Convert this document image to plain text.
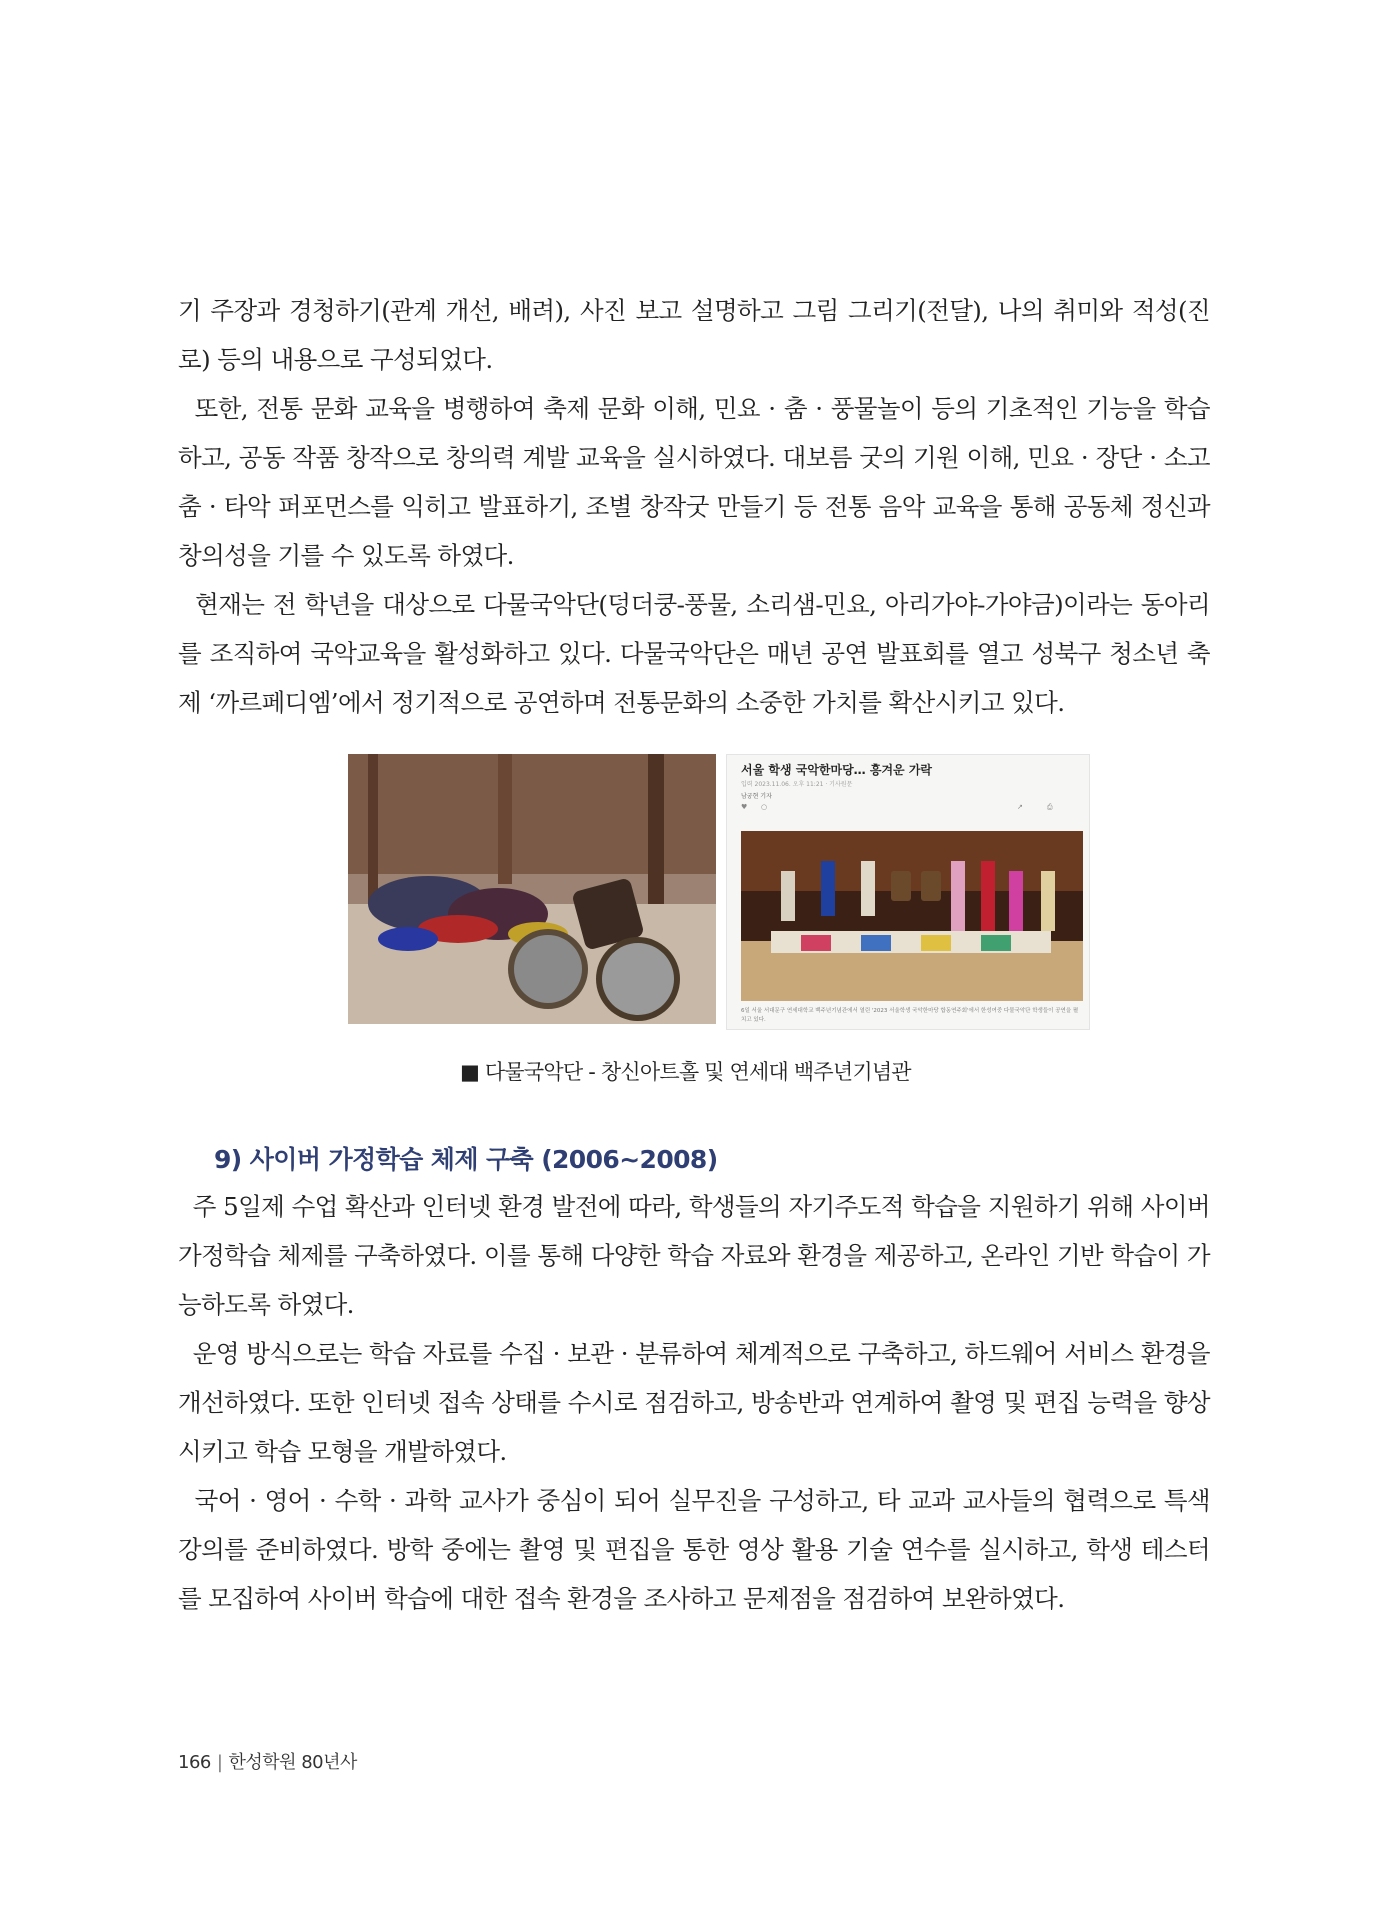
기 주장과 경청하기(관계 개선, 배려), 사진 보고 설명하고 그림 그리기(전달), 나의 취미와 적성(진로) 등의 내용으로 구성되었다.

또한, 전통 문화 교육을 병행하여 축제 문화 이해, 민요 · 춤 · 풍물놀이 등의 기초적인 기능을 학습하고, 공동 작품 창작으로 창의력 계발 교육을 실시하였다. 대보름 굿의 기원 이해, 민요 · 장단 · 소고춤 · 타악 퍼포먼스를 익히고 발표하기, 조별 창작굿 만들기 등 전통 음악 교육을 통해 공동체 정신과 창의성을 기를 수 있도록 하였다.

현재는 전 학년을 대상으로 다물국악단(덩더쿵-풍물, 소리샘-민요, 아리가야-가야금)이라는 동아리를 조직하여 국악교육을 활성화하고 있다. 다물국악단은 매년 공연 발표회를 열고 성북구 청소년 축제 ‘까르페디엠’에서 정기적으로 공연하며 전통문화의 소중한 가치를 확산시키고 있다.

서울 학생 국악한마당… 흥겨운 가락
입력 2023.11.06. 오후 11:21 · 기사원문
남궁현 기자
♥ ○	↗	⎙
6일 서울 서대문구 연세대학교 백주년기념관에서 열린 '2023 서울학생 국악한마당 합동연주회'에서 한성여중 다물국악단 학생들이 공연을 펼치고 있다.
■ 다물국악단 - 창신아트홀 및 연세대 백주년기념관
9) 사이버 가정학습 체제 구축 (2006~2008)

주 5일제 수업 확산과 인터넷 환경 발전에 따라, 학생들의 자기주도적 학습을 지원하기 위해 사이버 가정학습 체제를 구축하였다. 이를 통해 다양한 학습 자료와 환경을 제공하고, 온라인 기반 학습이 가능하도록 하였다.

운영 방식으로는 학습 자료를 수집 · 보관 · 분류하여 체계적으로 구축하고, 하드웨어 서비스 환경을 개선하였다. 또한 인터넷 접속 상태를 수시로 점검하고, 방송반과 연계하여 촬영 및 편집 능력을 향상시키고 학습 모형을 개발하였다.

국어 · 영어 · 수학 · 과학 교사가 중심이 되어 실무진을 구성하고, 타 교과 교사들의 협력으로 특색 강의를 준비하였다. 방학 중에는 촬영 및 편집을 통한 영상 활용 기술 연수를 실시하고, 학생 테스터를 모집하여 사이버 학습에 대한 접속 환경을 조사하고 문제점을 점검하여 보완하였다.

166 | 한성학원 80년사
